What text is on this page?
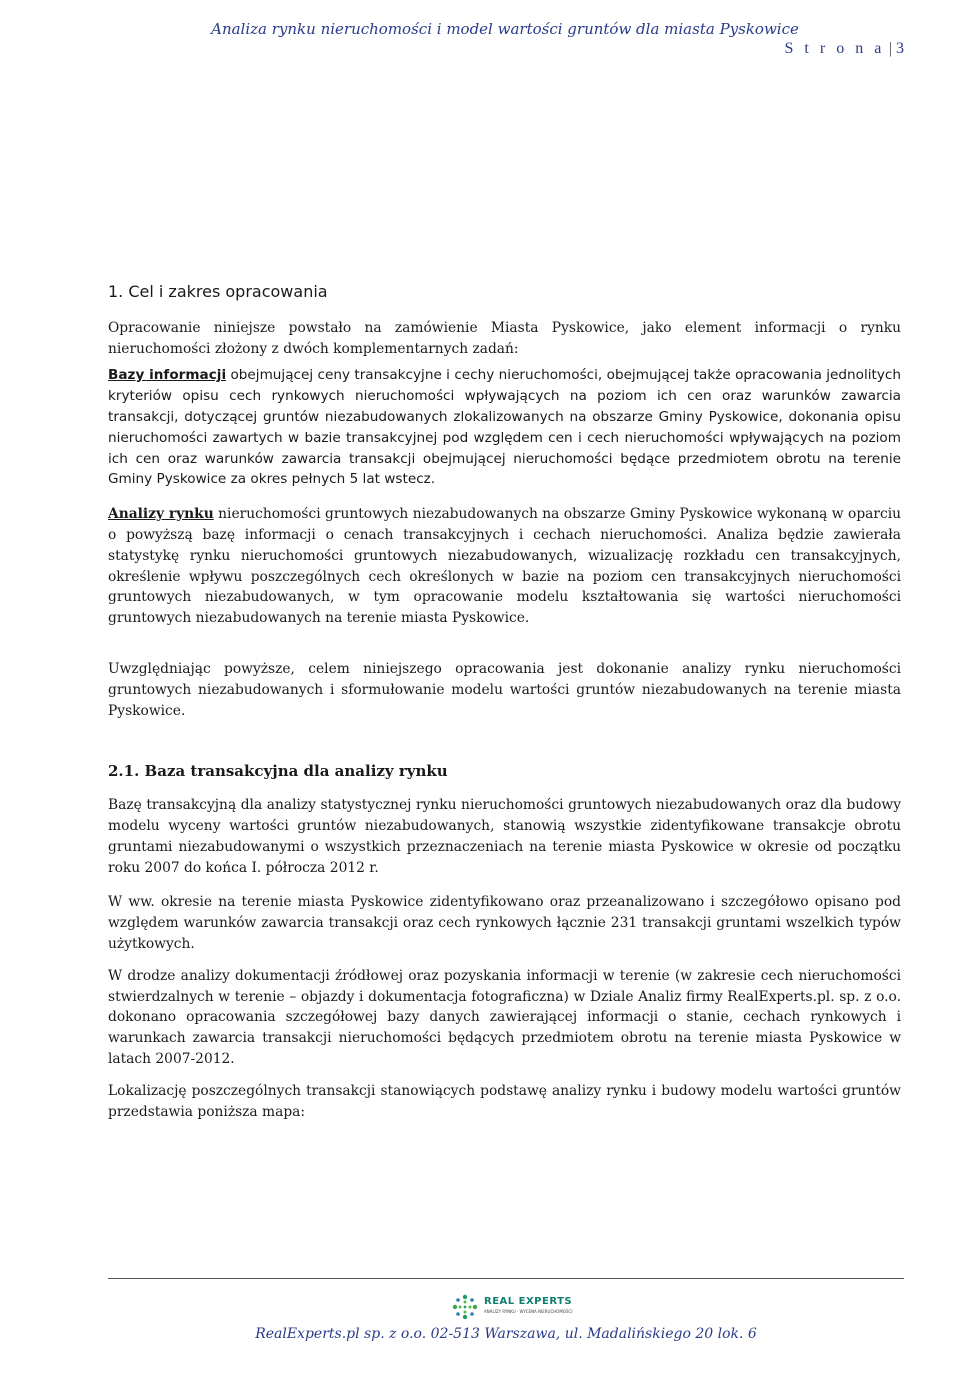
Analiza rynku nieruchomości i model wartości gruntów dla miasta Pyskowice
S t r o n a | 3
1. Cel i zakres opracowania

Opracowanie niniejsze powstało na zamówienie Miasta Pyskowice, jako element informacji o rynku nieruchomości złożony z dwóch komplementarnych zadań:

Bazy informacji obejmującej ceny transakcyjne i cechy nieruchomości, obejmującej także opracowania jednolitych kryteriów opisu cech rynkowych nieruchomości wpływających na poziom ich cen oraz warunków zawarcia transakcji, dotyczącej gruntów niezabudowanych zlokalizowanych na obszarze Gminy Pyskowice, dokonania opisu nieruchomości zawartych w bazie transakcyjnej pod względem cen i cech nieruchomości wpływających na poziom ich cen oraz warunków zawarcia transakcji obejmującej nieruchomości będące przedmiotem obrotu na terenie Gminy Pyskowice za okres pełnych 5 lat wstecz.

Analizy rynku nieruchomości gruntowych niezabudowanych na obszarze Gminy Pyskowice wykonaną w oparciu o powyższą bazę informacji o cenach transakcyjnych i cechach nieruchomości. Analiza będzie zawierała statystykę rynku nieruchomości gruntowych niezabudowanych, wizualizację rozkładu cen transakcyjnych, określenie wpływu poszczególnych cech określonych w bazie na poziom cen transakcyjnych nieruchomości gruntowych niezabudowanych, w tym opracowanie modelu kształtowania się wartości nieruchomości gruntowych niezabudowanych na terenie miasta Pyskowice.

Uwzględniając powyższe, celem niniejszego opracowania jest dokonanie analizy rynku nieruchomości gruntowych niezabudowanych i sformułowanie modelu wartości gruntów niezabudowanych na terenie miasta Pyskowice.

2.1. Baza transakcyjna dla analizy rynku

Bazę transakcyjną dla analizy statystycznej rynku nieruchomości gruntowych niezabudowanych oraz dla budowy modelu wyceny wartości gruntów niezabudowanych, stanowią wszystkie zidentyfikowane transakcje obrotu gruntami niezabudowanymi o wszystkich przeznaczeniach na terenie miasta Pyskowice w okresie od początku roku 2007 do końca I. półrocza 2012 r.

W ww. okresie na terenie miasta Pyskowice zidentyfikowano oraz przeanalizowano i szczegółowo opisano pod względem warunków zawarcia transakcji oraz cech rynkowych łącznie 231 transakcji gruntami wszelkich typów użytkowych.

W drodze analizy dokumentacji źródłowej oraz pozyskania informacji w terenie (w zakresie cech nieruchomości stwierdzalnych w terenie – objazdy i dokumentacja fotograficzna) w Dziale Analiz firmy RealExperts.pl. sp. z o.o. dokonano opracowania szczegółowej bazy danych zawierającej informacji o stanie, cechach rynkowych i warunkach zawarcia transakcji nieruchomości będących przedmiotem obrotu na terenie miasta Pyskowice w latach 2007-2012.

Lokalizację poszczególnych transakcji stanowiących podstawę analizy rynku i budowy modelu wartości gruntów przedstawia poniższa mapa:

REAL EXPERTS
ANALIZY RYNKU · WYCENA NIERUCHOMOŚCI
RealExperts.pl sp. z o.o. 02-513 Warszawa, ul. Madalińskiego 20 lok. 6
